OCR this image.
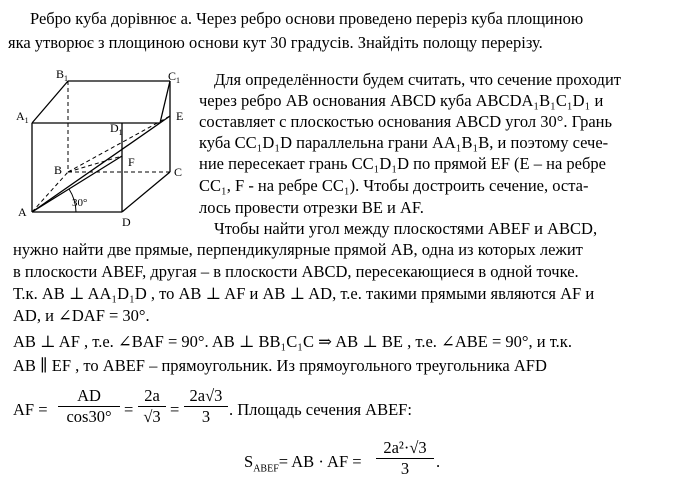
Ребро куба дорівнює a. Через ребро основи проведено переріз куба площиною
яка утворює з площиною основи кут 30 градусів. Знайдіть полощу перерізу.
$B_1$	$C_1$
$A_1$
$D_1$
E
F
B	C
A
D
30°
Для определённости будем считать, что сечение проходит
через ребро AB основания ABCD куба ABCDA₁B₁C₁D₁ и
составляет с плоскостью основания ABCD угол 30°. Грань
куба CC₁D₁D параллельна грани AA₁B₁B, и поэтому сече-
ние пересекает грань CC₁D₁D по прямой EF (E – на ребре
CC₁, F - на ребре CC₁). Чтобы достроить сечение, оста-
лось провести отрезки BE и AF.
Чтобы найти угол между плоскостями ABEF и ABCD,
нужно найти две прямые, перпендикулярные прямой AB, одна из которых лежит
в плоскости ABEF, другая – в плоскости ABCD, пересекающиеся в одной точке.
Т.к. AB ⊥ AA₁D₁D , то AB ⊥ AF и AB ⊥ AD, т.е. такими прямыми являются AF и
AD, и ∠DAF = 30°.
AB ⊥ AF , т.е. ∠BAF = 90°. AB ⊥ BB₁C₁C ⇒ AB ⊥ BE , т.е. ∠ABE = 90°, и т.к.
AB ∥ EF , то ABEF – прямоугольник. Из прямоугольного треугольника AFD
AF = $\frac{AD}{\cos 30^\circ} = \frac{2a}{√3} = \frac{2a√3}{3}$ . Площадь сечения ABEF:
$S_{ABEF}=$ AB · AF = $\frac{\text{2a²·√3}}{3}$ .
